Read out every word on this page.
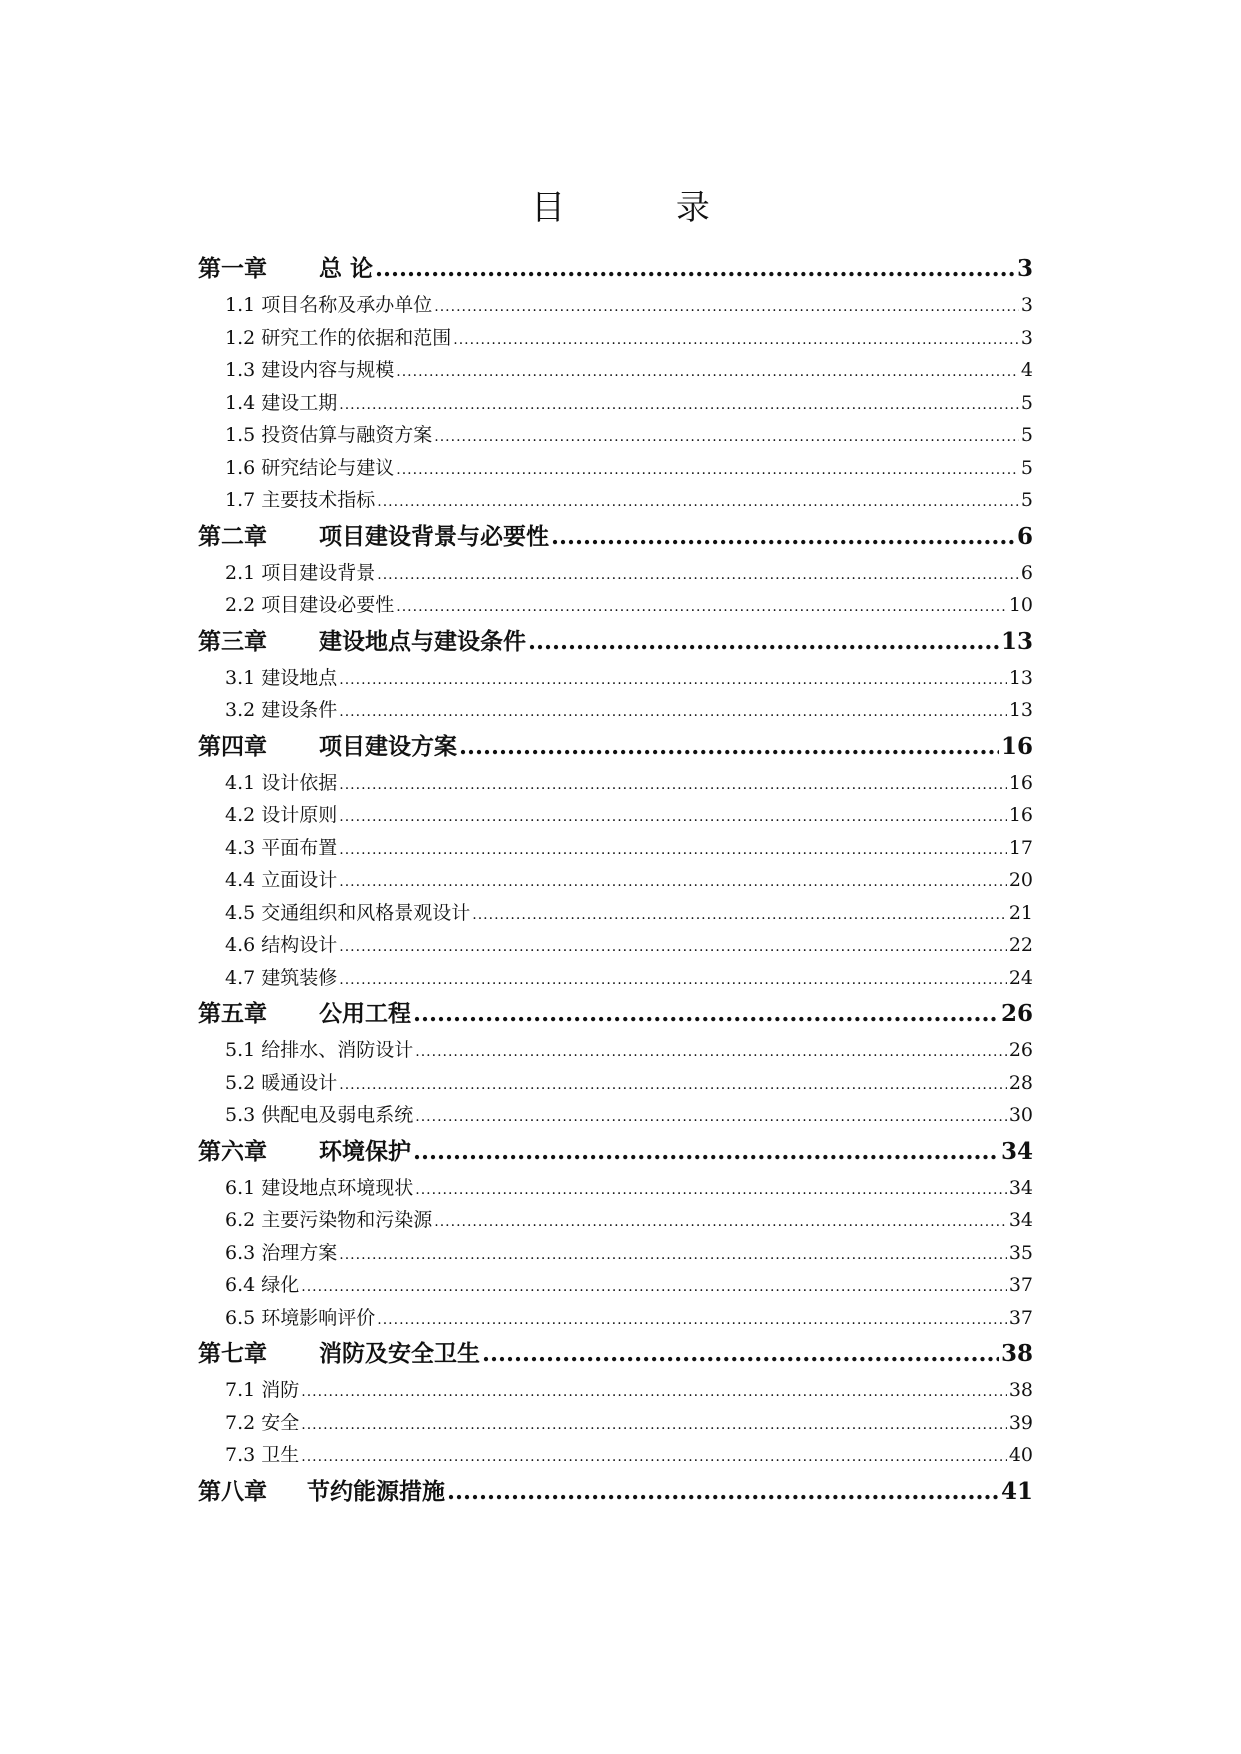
目 录
第一章 总 论 .....	3
1.1 项目名称及承办单位 .....	3
1.2 研究工作的依据和范围 .....	3
1.3 建设内容与规模 .....	4
1.4 建设工期 .....	5
1.5 投资估算与融资方案 .....	5
1.6 研究结论与建议 .....	5
1.7 主要技术指标 .....	5
第二章 项目建设背景与必要性 .....	6
2.1 项目建设背景 .....	6
2.2 项目建设必要性 .....	10
第三章 建设地点与建设条件 .....	13
3.1 建设地点 .....	13
3.2 建设条件 .....	13
第四章 项目建设方案 .....	16
4.1 设计依据 .....	16
4.2 设计原则 .....	16
4.3 平面布置 .....	17
4.4 立面设计 .....	20
4.5 交通组织和风格景观设计 .....	21
4.6 结构设计 .....	22
4.7 建筑装修 .....	24
第五章 公用工程 .....	26
5.1 给排水、消防设计 .....	26
5.2 暖通设计 .....	28
5.3 供配电及弱电系统 .....	30
第六章 环境保护 .....	34
6.1 建设地点环境现状 .....	34
6.2 主要污染物和污染源 .....	34
6.3 治理方案 .....	35
6.4 绿化 .....	37
6.5 环境影响评价 .....	37
第七章 消防及安全卫生 .....	38
7.1 消防 .....	38
7.2 安全 .....	39
7.3 卫生 .....	40
第八章 节约能源措施 .....	41
